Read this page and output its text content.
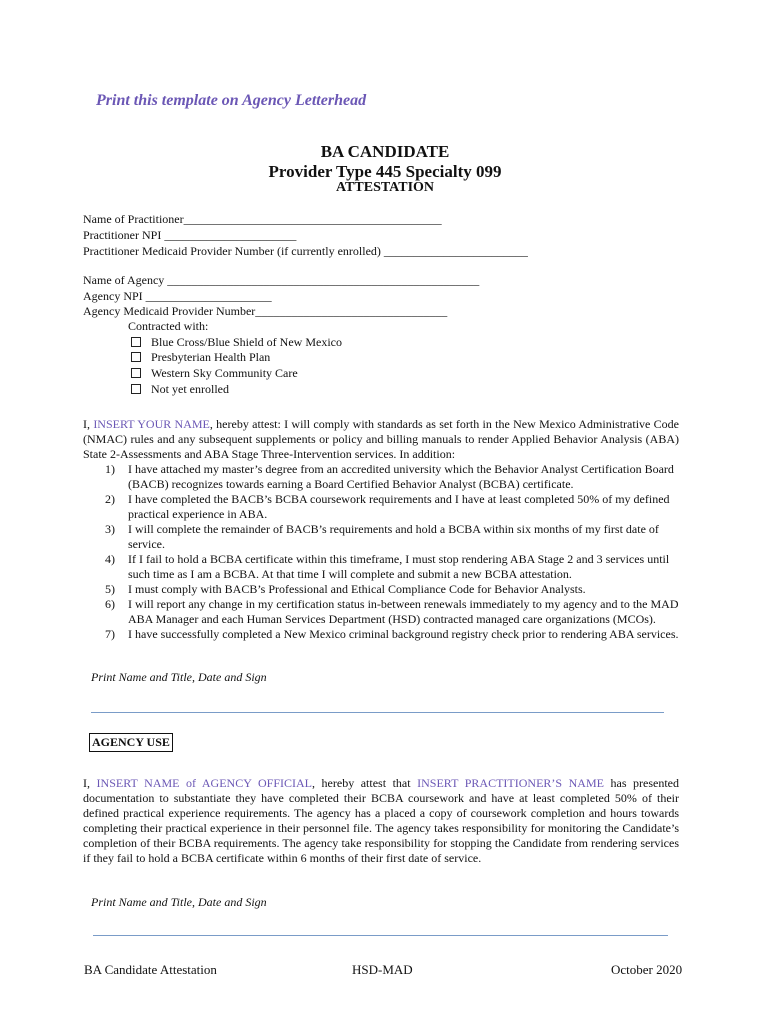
Print this template on Agency Letterhead
BA CANDIDATE
Provider Type 445 Specialty 099
ATTESTATION
Name of Practitioner___________________________________________
Practitioner NPI ______________________
Practitioner Medicaid Provider Number (if currently enrolled) ________________________
Name of Agency ____________________________________________________
Agency NPI _____________________
Agency Medicaid Provider Number________________________________
Contracted with:
Blue Cross/Blue Shield of New Mexico
Presbyterian Health Plan
Western Sky Community Care
Not yet enrolled
I, INSERT YOUR NAME, hereby attest: I will comply with standards as set forth in the New Mexico Administrative Code (NMAC) rules and any subsequent supplements or policy and billing manuals to render Applied Behavior Analysis (ABA) State 2-Assessments and ABA Stage Three-Intervention services. In addition:
1) I have attached my master’s degree from an accredited university which the Behavior Analyst Certification Board (BACB) recognizes towards earning a Board Certified Behavior Analyst (BCBA) certificate.
2) I have completed the BACB’s BCBA coursework requirements and I have at least completed 50% of my defined practical experience in ABA.
3) I will complete the remainder of BACB’s requirements and hold a BCBA within six months of my first date of service.
4) If I fail to hold a BCBA certificate within this timeframe, I must stop rendering ABA Stage 2 and 3 services until such time as I am a BCBA. At that time I will complete and submit a new BCBA attestation.
5) I must comply with BACB’s Professional and Ethical Compliance Code for Behavior Analysts.
6) I will report any change in my certification status in-between renewals immediately to my agency and to the MAD ABA Manager and each Human Services Department (HSD) contracted managed care organizations (MCOs).
7) I have successfully completed a New Mexico criminal background registry check prior to rendering ABA services.
Print Name and Title, Date and Sign
AGENCY USE
I, INSERT NAME of AGENCY OFFICIAL, hereby attest that INSERT PRACTITIONER’S NAME has presented documentation to substantiate they have completed their BCBA coursework and have at least completed 50% of their defined practical experience requirements. The agency has a placed a copy of coursework completion and hours towards completing their practical experience in their personnel file. The agency takes responsibility for monitoring the Candidate’s completion of their BCBA requirements. The agency take responsibility for stopping the Candidate from rendering services if they fail to hold a BCBA certificate within 6 months of their first date of service.
Print Name and Title, Date and Sign
BA Candidate Attestation	HSD-MAD	October 2020
